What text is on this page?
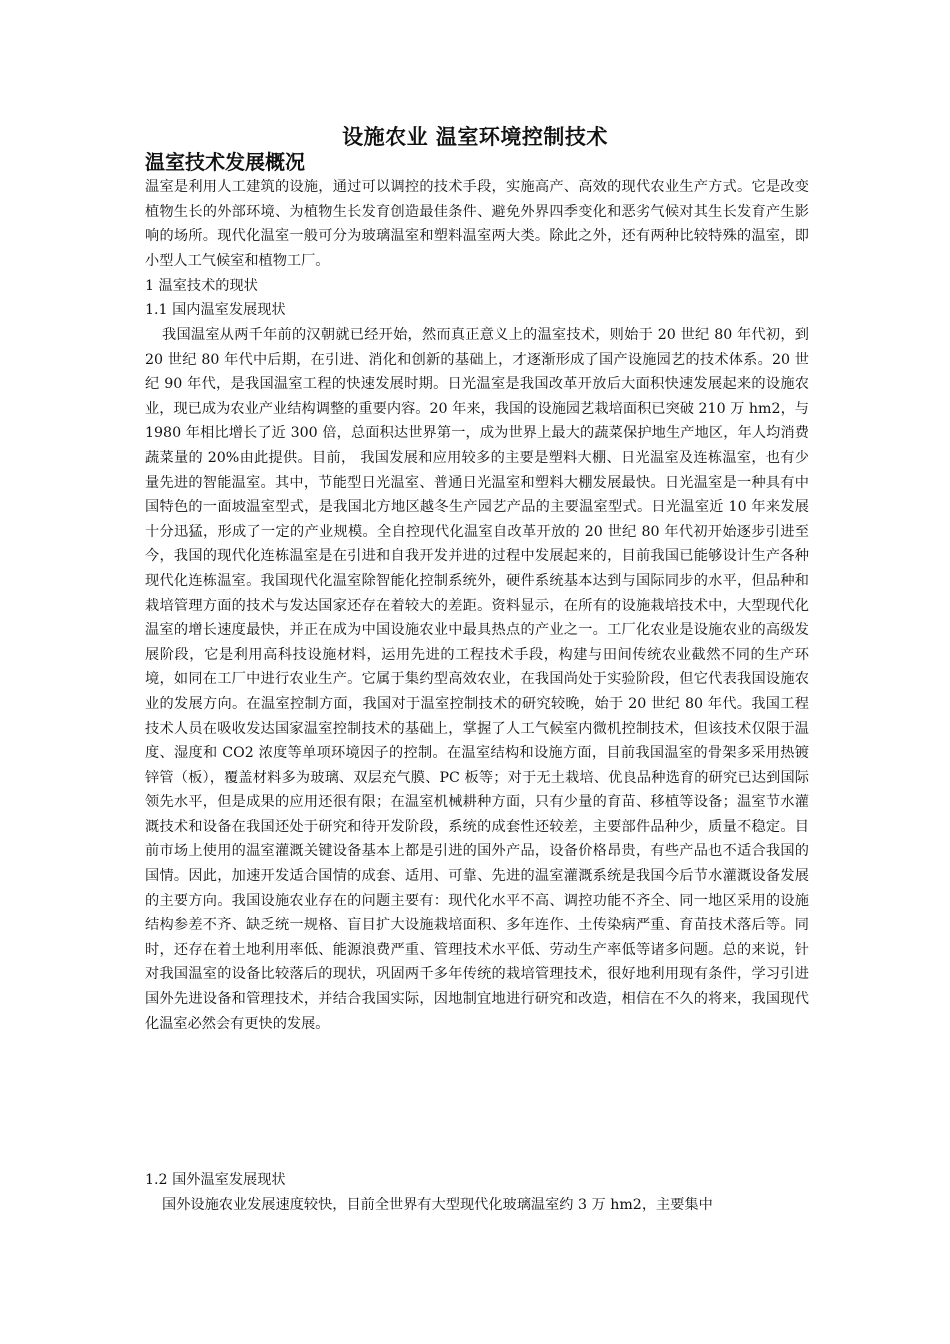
设施农业 温室环境控制技术
温室技术发展概况
温室是利用人工建筑的设施，通过可以调控的技术手段，实施高产、高效的现代农业生产方式。它是改变植物生长的外部环境、为植物生长发育创造最佳条件、避免外界四季变化和恶劣气候对其生长发育产生影响的场所。现代化温室一般可分为玻璃温室和塑料温室两大类。除此之外，还有两种比较特殊的温室，即小型人工气候室和植物工厂。
1 温室技术的现状
1.1 国内温室发展现状
我国温室从两千年前的汉朝就已经开始，然而真正意义上的温室技术，则始于 20 世纪 80 年代初，到 20 世纪 80 年代中后期，在引进、消化和创新的基础上，才逐渐形成了国产设施园艺的技术体系。20 世纪 90 年代，是我国温室工程的快速发展时期。日光温室是我国改革开放后大面积快速发展起来的设施农业，现已成为农业产业结构调整的重要内容。20 年来，我国的设施园艺栽培面积已突破 210 万 hm2，与 1980 年相比增长了近 300 倍，总面积达世界第一，成为世界上最大的蔬菜保护地生产地区，年人均消费蔬菜量的 20%由此提供。目前， 我国发展和应用较多的主要是塑料大棚、日光温室及连栋温室，也有少量先进的智能温室。其中，节能型日光温室、普通日光温室和塑料大棚发展最快。日光温室是一种具有中国特色的一面坡温室型式，是我国北方地区越冬生产园艺产品的主要温室型式。日光温室近 10 年来发展十分迅猛，形成了一定的产业规模。全自控现代化温室自改革开放的 20 世纪 80 年代初开始逐步引进至今，我国的现代化连栋温室是在引进和自我开发并进的过程中发展起来的，目前我国已能够设计生产各种现代化连栋温室。我国现代化温室除智能化控制系统外，硬件系统基本达到与国际同步的水平，但品种和栽培管理方面的技术与发达国家还存在着较大的差距。资料显示，在所有的设施栽培技术中，大型现代化温室的增长速度最快，并正在成为中国设施农业中最具热点的产业之一。工厂化农业是设施农业的高级发展阶段，它是利用高科技设施材料，运用先进的工程技术手段，构建与田间传统农业截然不同的生产环境，如同在工厂中进行农业生产。它属于集约型高效农业，在我国尚处于实验阶段，但它代表我国设施农业的发展方向。在温室控制方面，我国对于温室控制技术的研究较晚，始于 20 世纪 80 年代。我国工程技术人员在吸收发达国家温室控制技术的基础上，掌握了人工气候室内微机控制技术，但该技术仅限于温度、湿度和 CO2 浓度等单项环境因子的控制。在温室结构和设施方面，目前我国温室的骨架多采用热镀锌管（板），覆盖材料多为玻璃、双层充气膜、PC 板等；对于无土栽培、优良品种选育的研究已达到国际领先水平，但是成果的应用还很有限；在温室机械耕种方面，只有少量的育苗、移植等设备；温室节水灌溉技术和设备在我国还处于研究和待开发阶段，系统的成套性还较差，主要部件品种少，质量不稳定。目前市场上使用的温室灌溉关键设备基本上都是引进的国外产品，设备价格昂贵，有些产品也不适合我国的国情。因此，加速开发适合国情的成套、适用、可靠、先进的温室灌溉系统是我国今后节水灌溉设备发展的主要方向。我国设施农业存在的问题主要有：现代化水平不高、调控功能不齐全、同一地区采用的设施结构参差不齐、缺乏统一规格、盲目扩大设施栽培面积、多年连作、土传染病严重、育苗技术落后等。同时，还存在着土地利用率低、能源浪费严重、管理技术水平低、劳动生产率低等诸多问题。总的来说，针对我国温室的设备比较落后的现状，巩固两千多年传统的栽培管理技术，很好地利用现有条件，学习引进国外先进设备和管理技术，并结合我国实际，因地制宜地进行研究和改造，相信在不久的将来，我国现代化温室必然会有更快的发展。
1.2 国外温室发展现状
国外设施农业发展速度较快，目前全世界有大型现代化玻璃温室约 3 万 hm2，主要集中
